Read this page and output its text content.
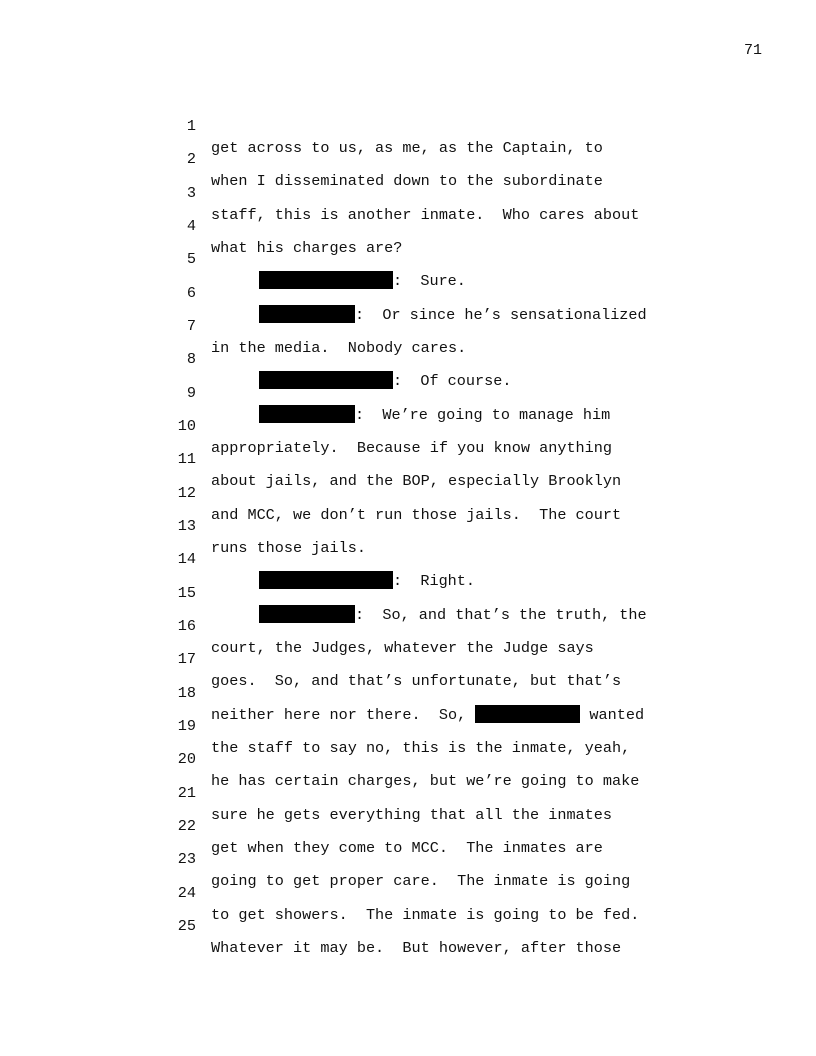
71

1

get across to us, as me, as the Captain, to

2

when I disseminated down to the subordinate

3

staff, this is another inmate.  Who cares about

4

what his charges are?

5

:  Sure.

6

:  Or since he’s sensationalized

7

in the media.  Nobody cares.

8

:  Of course.

9

:  We’re going to manage him

10

appropriately.  Because if you know anything

11

about jails, and the BOP, especially Brooklyn

12

and MCC, we don’t run those jails.  The court

13

runs those jails.

14

:  Right.

15

:  So, and that’s the truth, the

16

court, the Judges, whatever the Judge says

17

goes.  So, and that’s unfortunate, but that’s

18

neither here nor there.  So,	wanted

19

the staff to say no, this is the inmate, yeah,

20

he has certain charges, but we’re going to make

21

sure he gets everything that all the inmates

22

get when they come to MCC.  The inmates are

23

going to get proper care.  The inmate is going

24

to get showers.  The inmate is going to be fed.

25

Whatever it may be.  But however, after those
